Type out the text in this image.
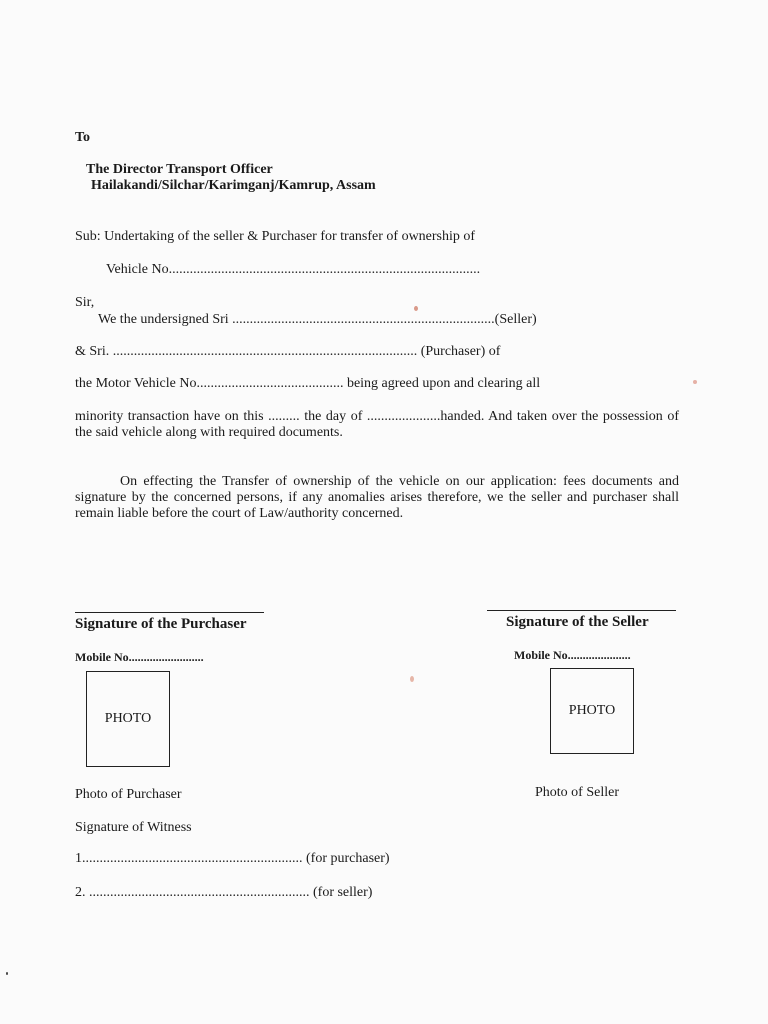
To
The Director Transport Officer
Hailakandi/Silchar/Karimganj/Kamrup, Assam
Sub: Undertaking of the seller & Purchaser for transfer of ownership of
Vehicle No.........................................................................................
Sir,
We the undersigned Sri ...........................................................................(Seller)
& Sri. ....................................................................................... (Purchaser) of
the Motor Vehicle No.......................................... being agreed upon and clearing all
minority transaction have on this ......... the day of .....................handed. And taken over the possession of the said vehicle along with required documents.
On effecting the Transfer of ownership of the vehicle on our application: fees documents and signature by the concerned persons, if any anomalies arises therefore, we the seller and purchaser shall remain liable before the court of Law/authority concerned.
Signature of the Purchaser	Signature of the Seller
Mobile No.........................	Mobile No.....................
PHOTO
PHOTO
Photo of Purchaser	Photo of Seller
Signature of Witness
1............................................................... (for purchaser)
2. ............................................................... (for seller)
